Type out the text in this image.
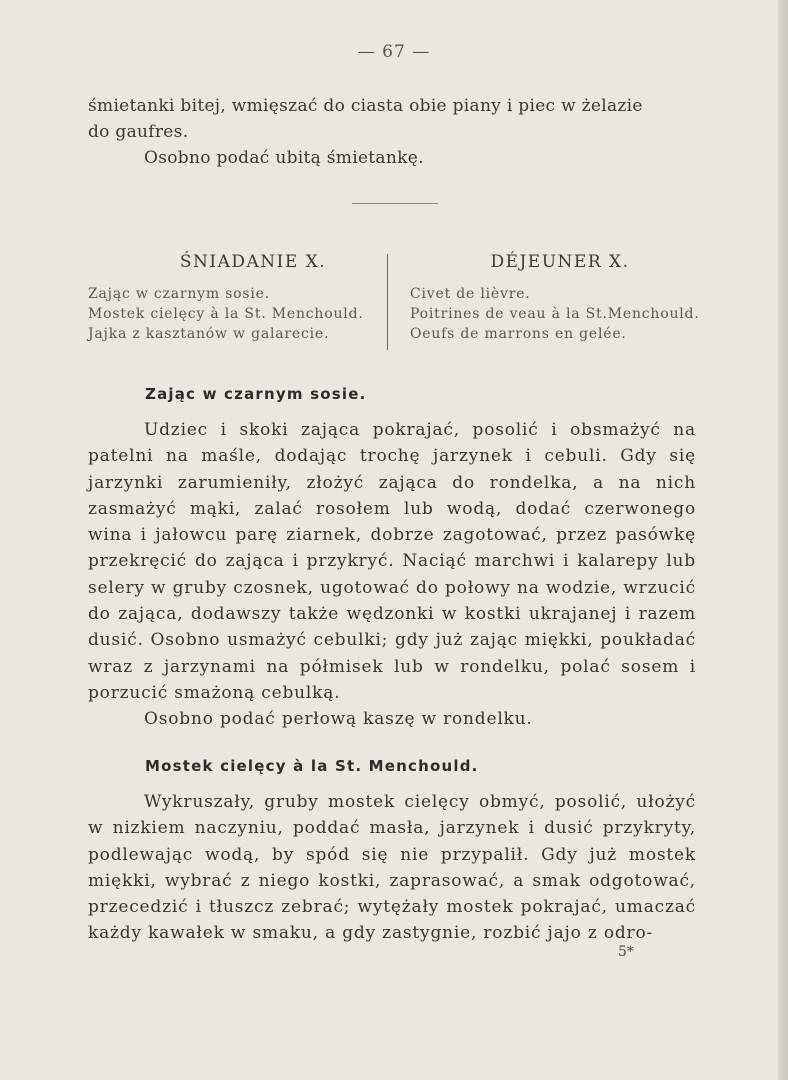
— 67 —
śmietanki bitej, wmięszać do ciasta obie piany i piec w żelazie
do gaufres.
Osobno podać ubitą śmietankę.
ŚNIADANIE X.
Zając w czarnym sosie.
Mostek cielęcy à la St. Menchould.
Jajka z kasztanów w galarecie.
DÉJEUNER X.
Civet de lièvre.
Poitrines de veau à la St.Menchould.
Oeufs de marrons en gelée.
Zając w czarnym sosie.
Udziec i skoki zająca pokrajać, posolić i obsmażyć na patelni na maśle, dodając trochę jarzynek i cebuli. Gdy się jarzynki zarumieniły, złożyć zająca do rondelka, a na nich zasmażyć mąki, zalać rosołem lub wodą, dodać czerwonego wina i jałowcu parę ziarnek, dobrze zagotować, przez pasówkę przekręcić do zająca i przykryć. Naciąć marchwi i kalarepy lub selery w gruby czosnek, ugotować do połowy na wodzie, wrzucić do zająca, dodawszy także wędzonki w kostki ukrajanej i razem dusić. Osobno usmażyć cebulki; gdy już zając miękki, poukładać wraz z jarzynami na półmisek lub w rondelku, polać sosem i porzucić smażoną cebulką.
Osobno podać perłową kaszę w rondelku.
Mostek cielęcy à la St. Menchould.
Wykruszały, gruby mostek cielęcy obmyć, posolić, ułożyć w nizkiem naczyniu, poddać masła, jarzynek i dusić przykryty, podlewając wodą, by spód się nie przypalił. Gdy już mostek miękki, wybrać z niego kostki, zaprasować, a smak odgotować, przecedzić i tłuszcz zebrać; wytężały mostek pokrajać, umaczać każdy kawałek w smaku, a gdy zastygnie, rozbić jajo z odro-
5*
